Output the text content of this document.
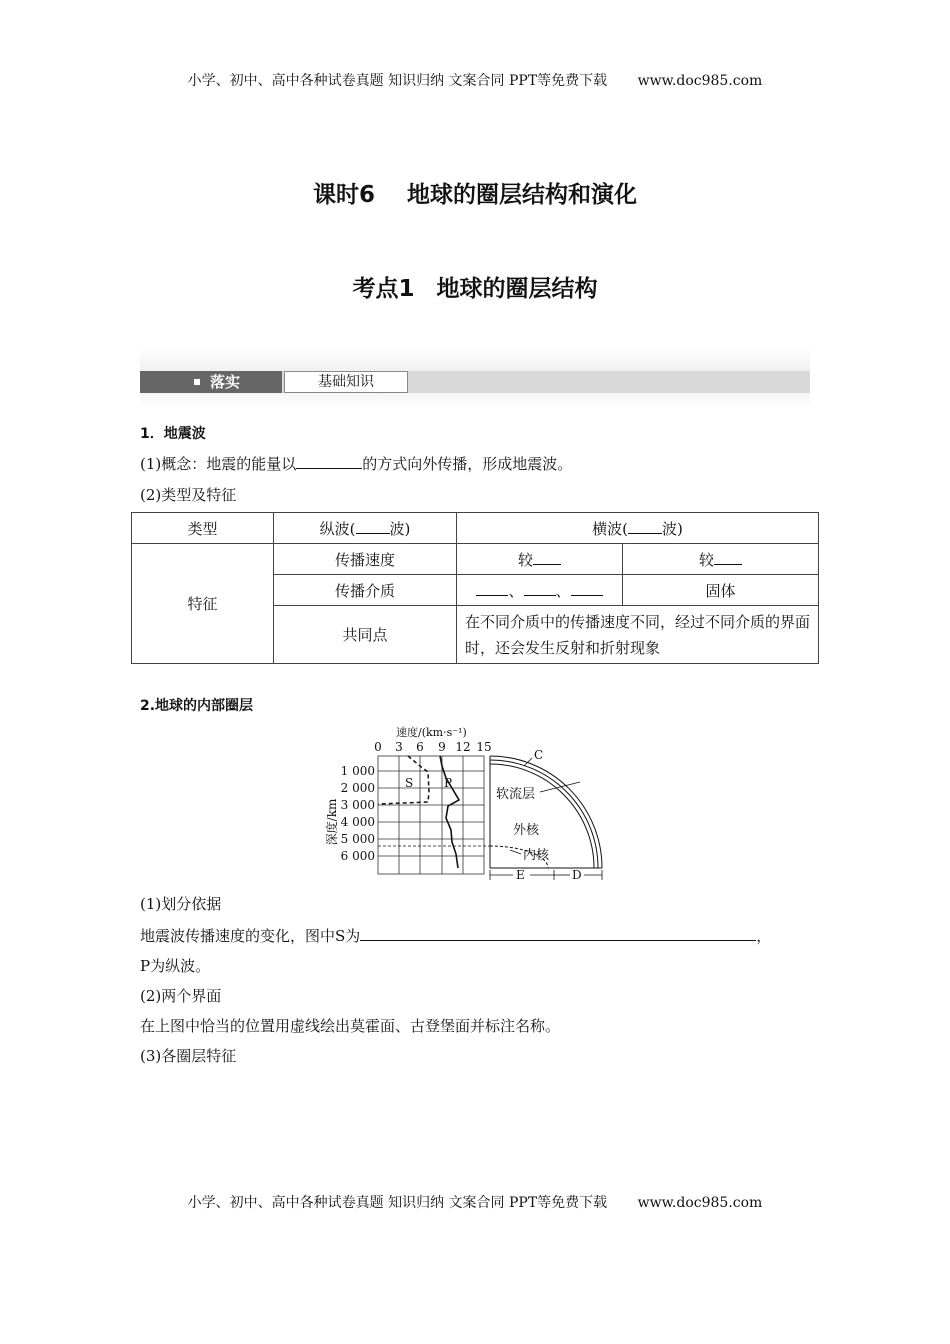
小学、初中、高中各种试卷真题 知识归纳 文案合同 PPT等免费下载 www.doc985.com
课时6 地球的圈层结构和演化
考点1 地球的圈层结构
落实	基础知识
1．地震波
(1)概念：地震的能量以	的方式向外传播，形成地震波。
(2)类型及特征
类型	纵波( 波)	横波( 波)	
特征	传播速度	较	较
	传播介质	、 、	固体
	共同点	在不同介质中的传播速度不同，经过不同介质的界面时，还会发生反射和折射现象	
2.地球的内部圈层
速度/(km·s⁻¹)
0 3 6 9 12 15
1 000
2 000
3 000
4 000
5 000
6 000
深度/km
S	P
C
软流层
外核
内核
E	D
(1)划分依据
地震波传播速度的变化，图中S为	，
P为纵波。
(2)两个界面
在上图中恰当的位置用虚线绘出莫霍面、古登堡面并标注名称。
(3)各圈层特征
小学、初中、高中各种试卷真题 知识归纳 文案合同 PPT等免费下载 www.doc985.com
